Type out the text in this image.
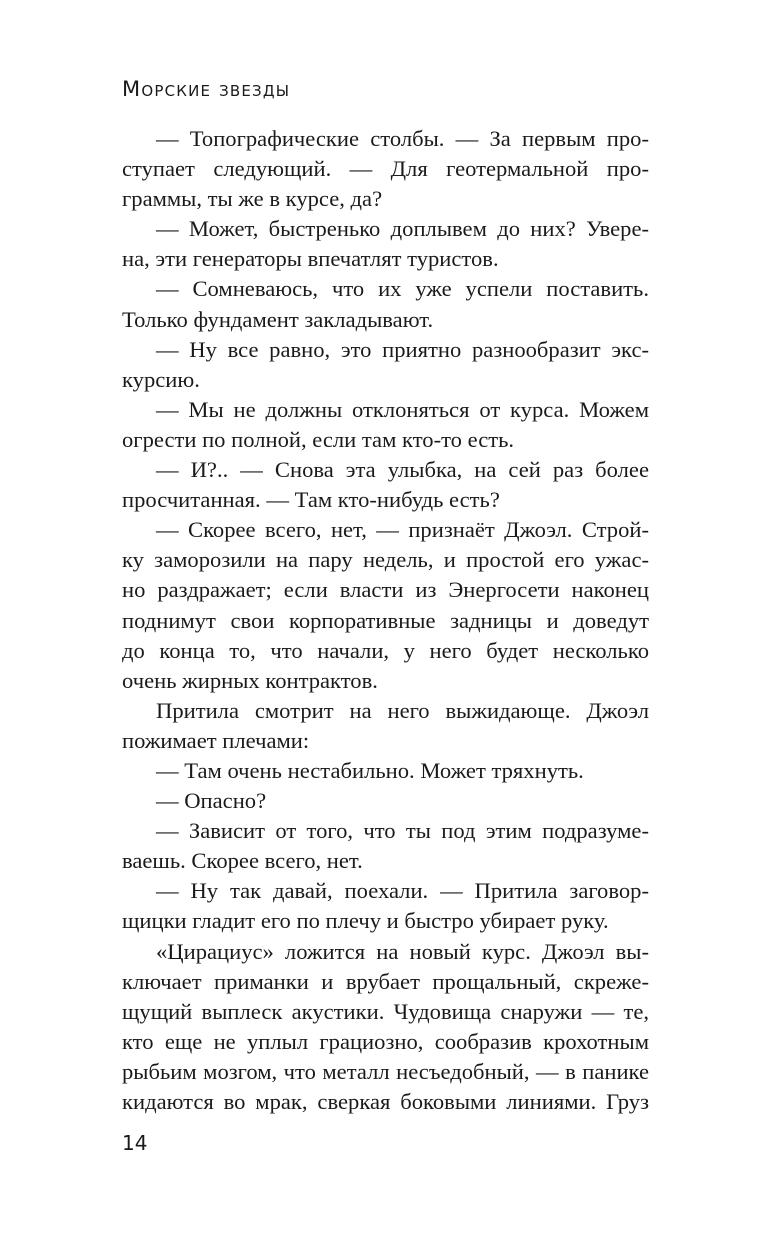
Морские звезды
— Топографические столбы. — За первым про-
ступает следующий. — Для геотермальной про-
граммы, ты же в курсе, да?
— Может, быстренько доплывем до них? Увере-
на, эти генераторы впечатлят туристов.
— Сомневаюсь, что их уже успели поставить.
Только фундамент закладывают.
— Ну все равно, это приятно разнообразит экс-
курсию.
— Мы не должны отклоняться от курса. Можем
огрести по полной, если там кто-то есть.
— И?.. — Снова эта улыбка, на сей раз более
просчитанная. — Там кто-нибудь есть?
— Скорее всего, нет, — признаёт Джоэл. Строй-
ку заморозили на пару недель, и простой его ужас-
но раздражает; если власти из Энергосети наконец
поднимут свои корпоративные задницы и доведут
до конца то, что начали, у него будет несколько
очень жирных контрактов.
Притила смотрит на него выжидающе. Джоэл
пожимает плечами:
— Там очень нестабильно. Может тряхнуть.
— Опасно?
— Зависит от того, что ты под этим подразуме-
ваешь. Скорее всего, нет.
— Ну так давай, поехали. — Притила заговор-
щицки гладит его по плечу и быстро убирает руку.
«Цирациус» ложится на новый курс. Джоэл вы-
ключает приманки и врубает прощальный, скреже-
щущий выплеск акустики. Чудовища снаружи — те,
кто еще не уплыл грациозно, сообразив крохотным
рыбьим мозгом, что металл несъедобный, — в панике
кидаются во мрак, сверкая боковыми линиями. Груз
14
